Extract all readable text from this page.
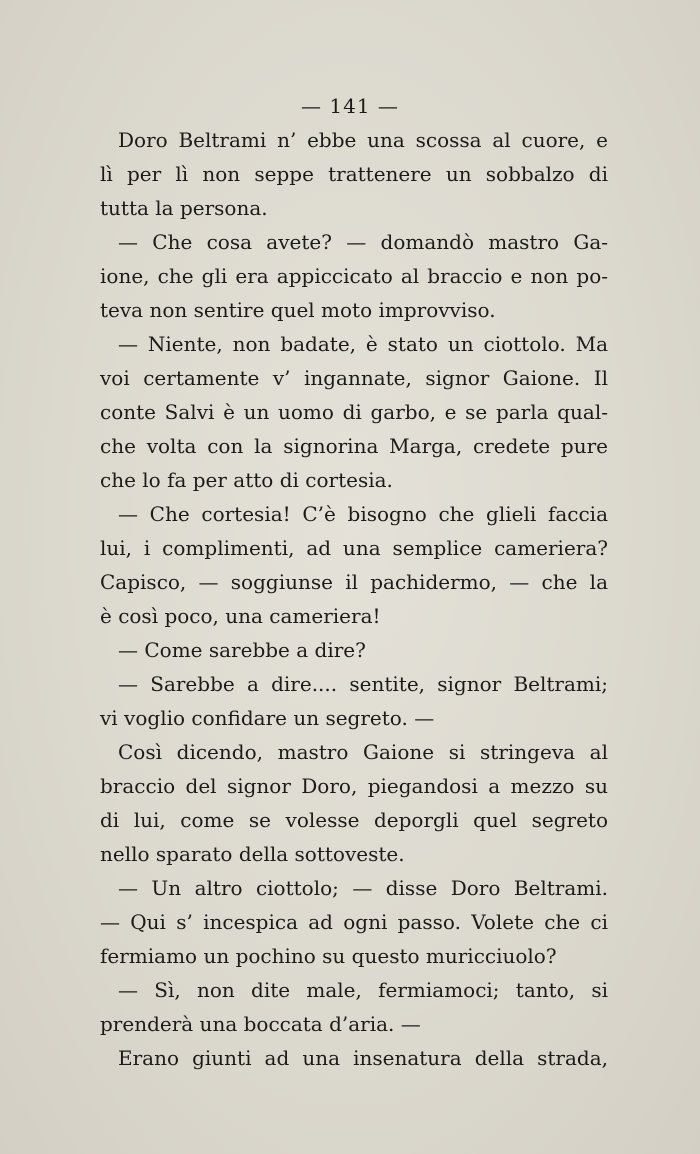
— 141 —
Doro Beltrami n’ ebbe una scossa al cuore, e
lì per lì non seppe trattenere un sobbalzo di
tutta la persona.
— Che cosa avete? — domandò mastro Ga-
ione, che gli era appiccicato al braccio e non po-
teva non sentire quel moto improvviso.
— Niente, non badate, è stato un ciottolo. Ma
voi certamente v’ ingannate, signor Gaione. Il
conte Salvi è un uomo di garbo, e se parla qual-
che volta con la signorina Marga, credete pure
che lo fa per atto di cortesia.
— Che cortesia! C’è bisogno che glieli faccia
lui, i complimenti, ad una semplice cameriera?
Capisco, — soggiunse il pachidermo, — che la
è così poco, una cameriera!
— Come sarebbe a dire?
— Sarebbe a dire.... sentite, signor Beltrami;
vi voglio confidare un segreto. —
Così dicendo, mastro Gaione si stringeva al
braccio del signor Doro, piegandosi a mezzo su
di lui, come se volesse deporgli quel segreto
nello sparato della sottoveste.
— Un altro ciottolo; — disse Doro Beltrami.
— Qui s’ incespica ad ogni passo. Volete che ci
fermiamo un pochino su questo muricciuolo?
— Sì, non dite male, fermiamoci; tanto, si
prenderà una boccata d’aria. —
Erano giunti ad una insenatura della strada,
